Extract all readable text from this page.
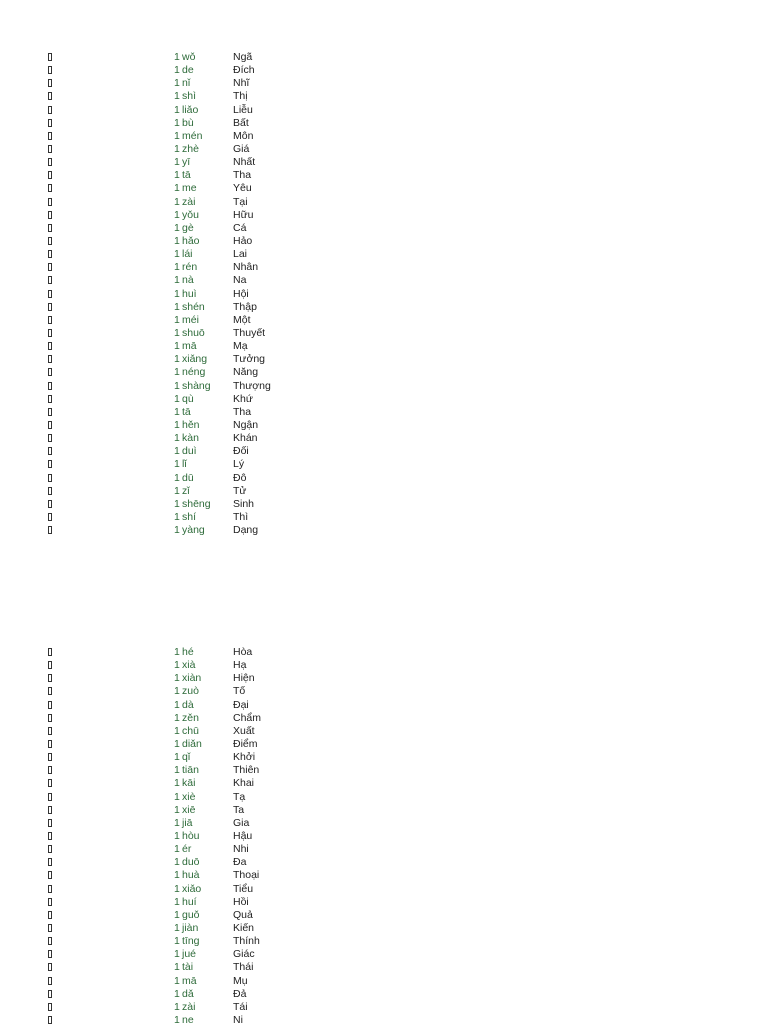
1 wǒ	Ngã
1 de	Đích
1 nǐ	Nhĩ
1 shì	Thị
1 liǎo	Liễu
1 bù	Bất
1 mén	Môn
1 zhè	Giá
1 yī	Nhất
1 tā	Tha
1 me	Yêu
1 zài	Tại
1 yǒu	Hữu
1 gè	Cá
1 hǎo	Hảo
1 lái	Lai
1 rén	Nhân
1 nà	Na
1 huì	Hội
1 shén	Thập
1 méi	Một
1 shuō	Thuyết
1 mā	Mạ
1 xiǎng Tưởng
1 néng	Năng
1 shàng Thượng
1 qù	Khứ
1 tā	Tha
1 hěn	Ngận
1 kàn	Khán
1 duì	Đối
1 lǐ	Lý
1 dū	Đô
1 zǐ	Tử
1 shēng Sinh
1 shí	Thì
1 yàng	Dạng
1 hé	Hòa
1 xià	Hạ
1 xiàn	Hiện
1 zuò	Tố
1 dà	Đại
1 zěn	Chẩm
1 chū	Xuất
1 diǎn	Điểm
1 qǐ	Khởi
1 tiān	Thiên
1 kāi	Khai
1 xiè	Tạ
1 xiē	Ta
1 jiā	Gia
1 hòu	Hậu
1 ér	Nhi
1 duō	Đa
1 huà	Thoại
1 xiǎo	Tiểu
1 huí	Hồi
1 guǒ	Quả
1 jiàn	Kiến
1 tīng	Thính
1 jué	Giác
1 tài	Thái
1 mā	Mụ
1 dǎ	Đả
1 zài	Tái
1 ne	Ni
